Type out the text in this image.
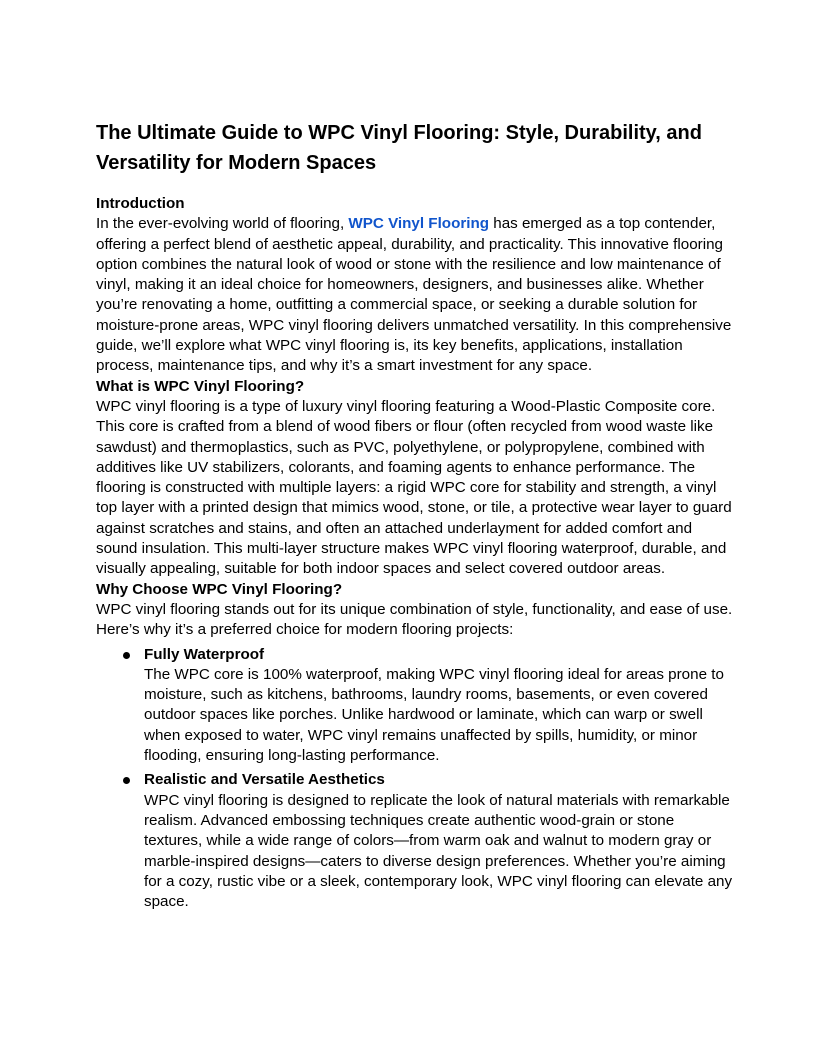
The Ultimate Guide to WPC Vinyl Flooring: Style, Durability, and Versatility for Modern Spaces
Introduction

In the ever-evolving world of flooring, WPC Vinyl Flooring has emerged as a top contender, offering a perfect blend of aesthetic appeal, durability, and practicality. This innovative flooring option combines the natural look of wood or stone with the resilience and low maintenance of vinyl, making it an ideal choice for homeowners, designers, and businesses alike. Whether you’re renovating a home, outfitting a commercial space, or seeking a durable solution for moisture-prone areas, WPC vinyl flooring delivers unmatched versatility. In this comprehensive guide, we’ll explore what WPC vinyl flooring is, its key benefits, applications, installation process, maintenance tips, and why it’s a smart investment for any space.

What is WPC Vinyl Flooring?

WPC vinyl flooring is a type of luxury vinyl flooring featuring a Wood-Plastic Composite core. This core is crafted from a blend of wood fibers or flour (often recycled from wood waste like sawdust) and thermoplastics, such as PVC, polyethylene, or polypropylene, combined with additives like UV stabilizers, colorants, and foaming agents to enhance performance. The flooring is constructed with multiple layers: a rigid WPC core for stability and strength, a vinyl top layer with a printed design that mimics wood, stone, or tile, a protective wear layer to guard against scratches and stains, and often an attached underlayment for added comfort and sound insulation. This multi-layer structure makes WPC vinyl flooring waterproof, durable, and visually appealing, suitable for both indoor spaces and select covered outdoor areas.

Why Choose WPC Vinyl Flooring?

WPC vinyl flooring stands out for its unique combination of style, functionality, and ease of use. Here’s why it’s a preferred choice for modern flooring projects:

Fully Waterproof

The WPC core is 100% waterproof, making WPC vinyl flooring ideal for areas prone to moisture, such as kitchens, bathrooms, laundry rooms, basements, or even covered outdoor spaces like porches. Unlike hardwood or laminate, which can warp or swell when exposed to water, WPC vinyl remains unaffected by spills, humidity, or minor flooding, ensuring long-lasting performance.

Realistic and Versatile Aesthetics

WPC vinyl flooring is designed to replicate the look of natural materials with remarkable realism. Advanced embossing techniques create authentic wood-grain or stone textures, while a wide range of colors—from warm oak and walnut to modern gray or marble-inspired designs—caters to diverse design preferences. Whether you’re aiming for a cozy, rustic vibe or a sleek, contemporary look, WPC vinyl flooring can elevate any space.
